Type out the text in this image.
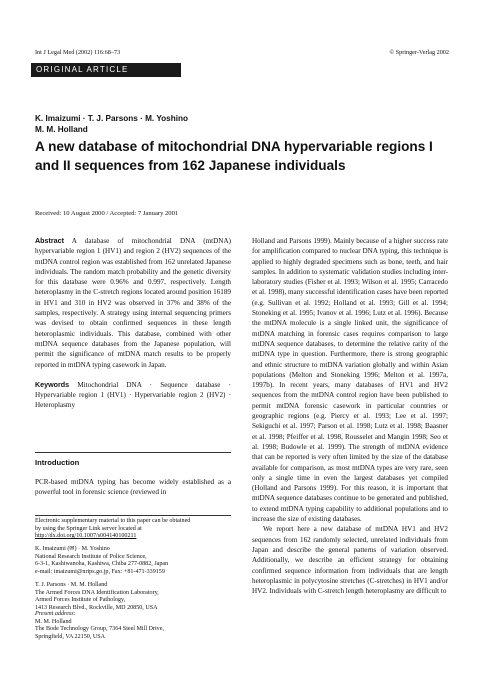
Int J Legal Med (2002) 116:68–73	© Springer-Verlag 2002
ORIGINAL ARTICLE
K. Imaizumi · T. J. Parsons · M. Yoshino
M. M. Holland
A new database of mitochondrial DNA hypervariable regions I and II sequences from 162 Japanese individuals
Received: 10 August 2000 / Accepted: 7 January 2001

Abstract A database of mitochondrial DNA (mtDNA) hypervariable region 1 (HV1) and region 2 (HV2) sequences of the mtDNA control region was established from 162 unrelated Japanese individuals. The random match probability and the genetic diversity for this database were 0.96% and 0.997, respectively. Length heteroplasmy in the C-stretch regions located around position 16189 in HV1 and 310 in HV2 was observed in 37% and 38% of the samples, respectively. A strategy using internal sequencing primers was devised to obtain confirmed sequences in these length heteroplasmic individuals. This database, combined with other mtDNA sequence databases from the Japanese population, will permit the significance of mtDNA match results to be properly reported in mtDNA typing casework in Japan.

Keywords Mitochondrial DNA · Sequence database · Hypervariable region 1 (HV1) · Hypervariable region 2 (HV2) · Heteroplasmy

Introduction
PCR-based mtDNA typing has become widely established as a powerful tool in forensic science (reviewed in
Electronic supplementary material to this paper can be obtained
by using the Springer Link server located at
http://dx.doi.org/10.1007/s004140100211
K. Imaizumi (✉) · M. Yoshino
National Research Institute of Police Science,
6-3-1, Kashiwanoha, Kashiwa, Chiba 277-0882, Japan
e-mail: imaizumi@nrips.go.jp, Fax: +81-471-339159
T. J. Parsons · M. M. Holland
The Armed Forces DNA Identification Laboratory,
Armed Forces Institute of Pathology,
1413 Research Blvd., Rockville, MD 20850, USA
Present address:
M. M. Holland
The Bode Technology Group, 7364 Steel Mill Drive,
Springfield, VA 22150, USA

Holland and Parsons 1999). Mainly because of a higher success rate for amplification compared to nuclear DNA typing, this technique is applied to highly degraded specimens such as bone, teeth, and hair samples. In addition to systematic validation studies including inter-laboratory studies (Fisher et al. 1993; Wilson et al. 1995; Carracedo et al. 1998), many successful identification cases have been reported (e.g. Sullivan et al. 1992; Holland et al. 1993; Gill et al. 1994; Stoneking et al. 1995; Ivanov et al. 1996; Lutz et al. 1996). Because the mtDNA molecule is a single linked unit, the significance of mtDNA matching in forensic cases requires comparison to large mtDNA sequence databases, to determine the relative rarity of the mtDNA type in question. Furthermore, there is strong geographic and ethnic structure to mtDNA variation globally and within Asian populations (Melton and Stoneking 1996; Melton et al. 1997a, 1997b). In recent years, many databases of HV1 and HV2 sequences from the mtDNA control region have been published to permit mtDNA forensic casework in particular countries or geographic regions (e.g. Piercy et al. 1993; Lee et al. 1997; Sekiguchi et al. 1997; Parson et al. 1998; Lutz et al. 1998; Baasner et al. 1998; Pfeiffer et al. 1998, Rousselet and Mangin 1998; Seo et al. 1998; Budowle et al. 1999). The strength of mtDNA evidence that can be reported is very often limited by the size of the database available for comparison, as most mtDNA types are very rare, seen only a single time in even the largest databases yet compiled (Holland and Parsons 1999). For this reason, it is important that mtDNA sequence databases continue to be generated and published, to extend mtDNA typing capability to additional populations and to increase the size of existing databases.

We report here a new database of mtDNA HV1 and HV2 sequences from 162 randomly selected, unrelated individuals from Japan and describe the general patterns of variation observed. Additionally, we describe an efficient strategy for obtaining confirmed sequence information from individuals that are length heteroplasmic in polycytosine stretches (C-stretches) in HV1 and/or HV2. Individuals with C-stretch length heteroplasmy are difficult to
